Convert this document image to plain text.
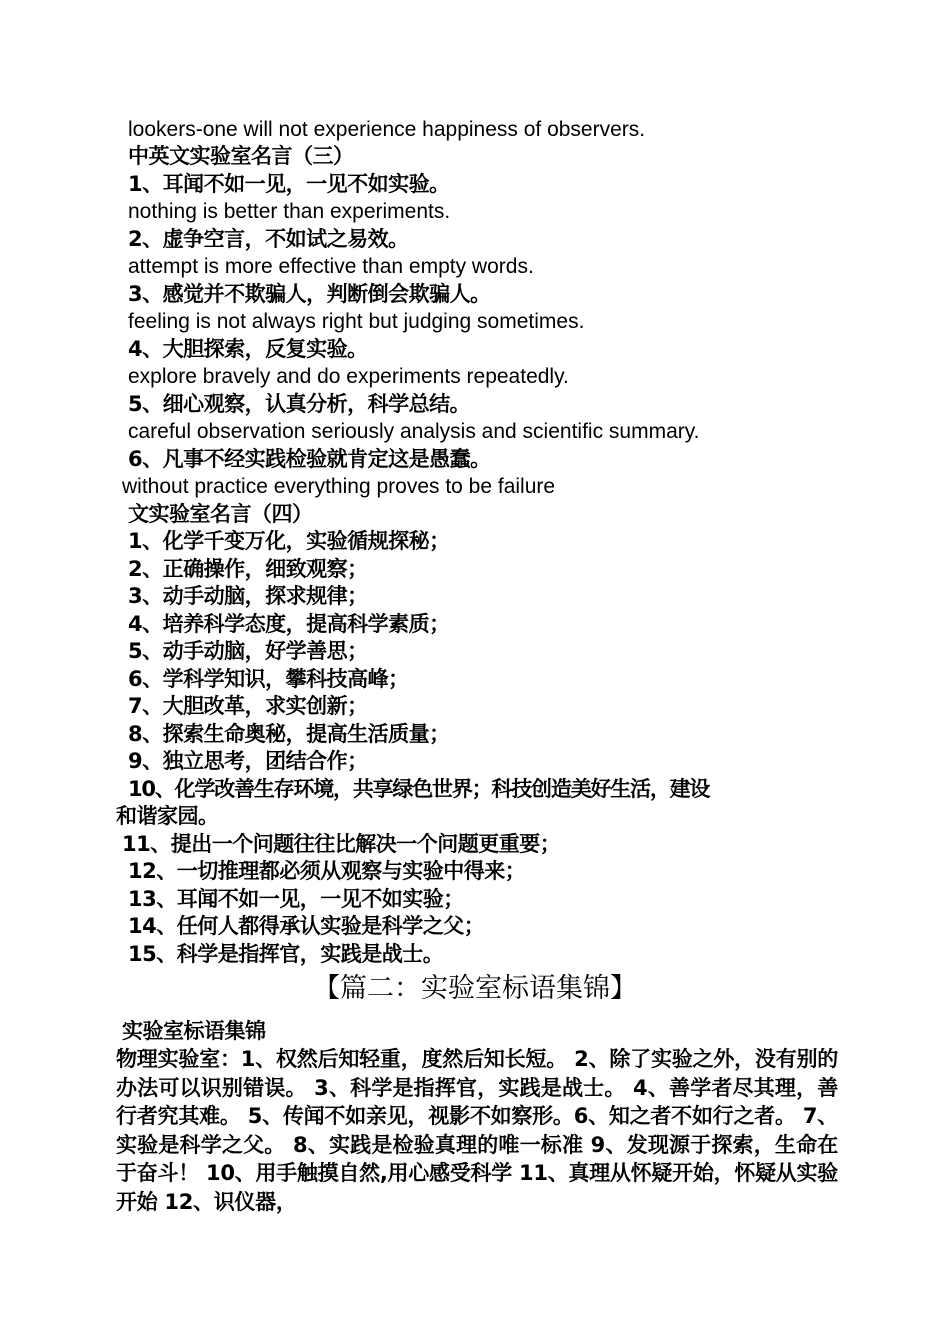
lookers-one will not experience happiness of observers.
中英文实验室名言（三）
1、耳闻不如一见，一见不如实验。
nothing is better than experiments.
2、虚争空言，不如试之易效。
attempt is more effective than empty words.
3、感觉并不欺骗人，判断倒会欺骗人。
feeling is not always right but judging sometimes.
4、大胆探索，反复实验。
explore bravely and do experiments repeatedly.
5、细心观察，认真分析，科学总结。
careful observation seriously analysis and scientific summary.
6、凡事不经实践检验就肯定这是愚蠢。
without practice everything proves to be failure
文实验室名言（四）
1、化学千变万化，实验循规探秘；
2、正确操作，细致观察；
3、动手动脑，探求规律；
4、培养科学态度，提高科学素质；
5、动手动脑，好学善思；
6、学科学知识，攀科技高峰；
7、大胆改革，求实创新；
8、探索生命奥秘，提高生活质量；
9、独立思考，团结合作；
10、化学改善生存环境，共享绿色世界；科技创造美好生活，建设
和谐家园。
11、提出一个问题往往比解决一个问题更重要；
12、一切推理都必须从观察与实验中得来；
13、耳闻不如一见，一见不如实验；
14、任何人都得承认实验是科学之父；
15、科学是指挥官，实践是战士。
【篇二：实验室标语集锦】
实验室标语集锦
物理实验室：1、权然后知轻重，度然后知长短。 2、除了实验之外，没有别的办法可以识别错误。 3、科学是指挥官，实践是战士。 4、善学者尽其理，善行者究其难。 5、传闻不如亲见，视影不如察形。6、知之者不如行之者。 7、实验是科学之父。 8、实践是检验真理的唯一标准 9、发现源于探索，生命在于奋斗！ 10、用手触摸自然,用心感受科学 11、真理从怀疑开始，怀疑从实验开始 12、识仪器，
